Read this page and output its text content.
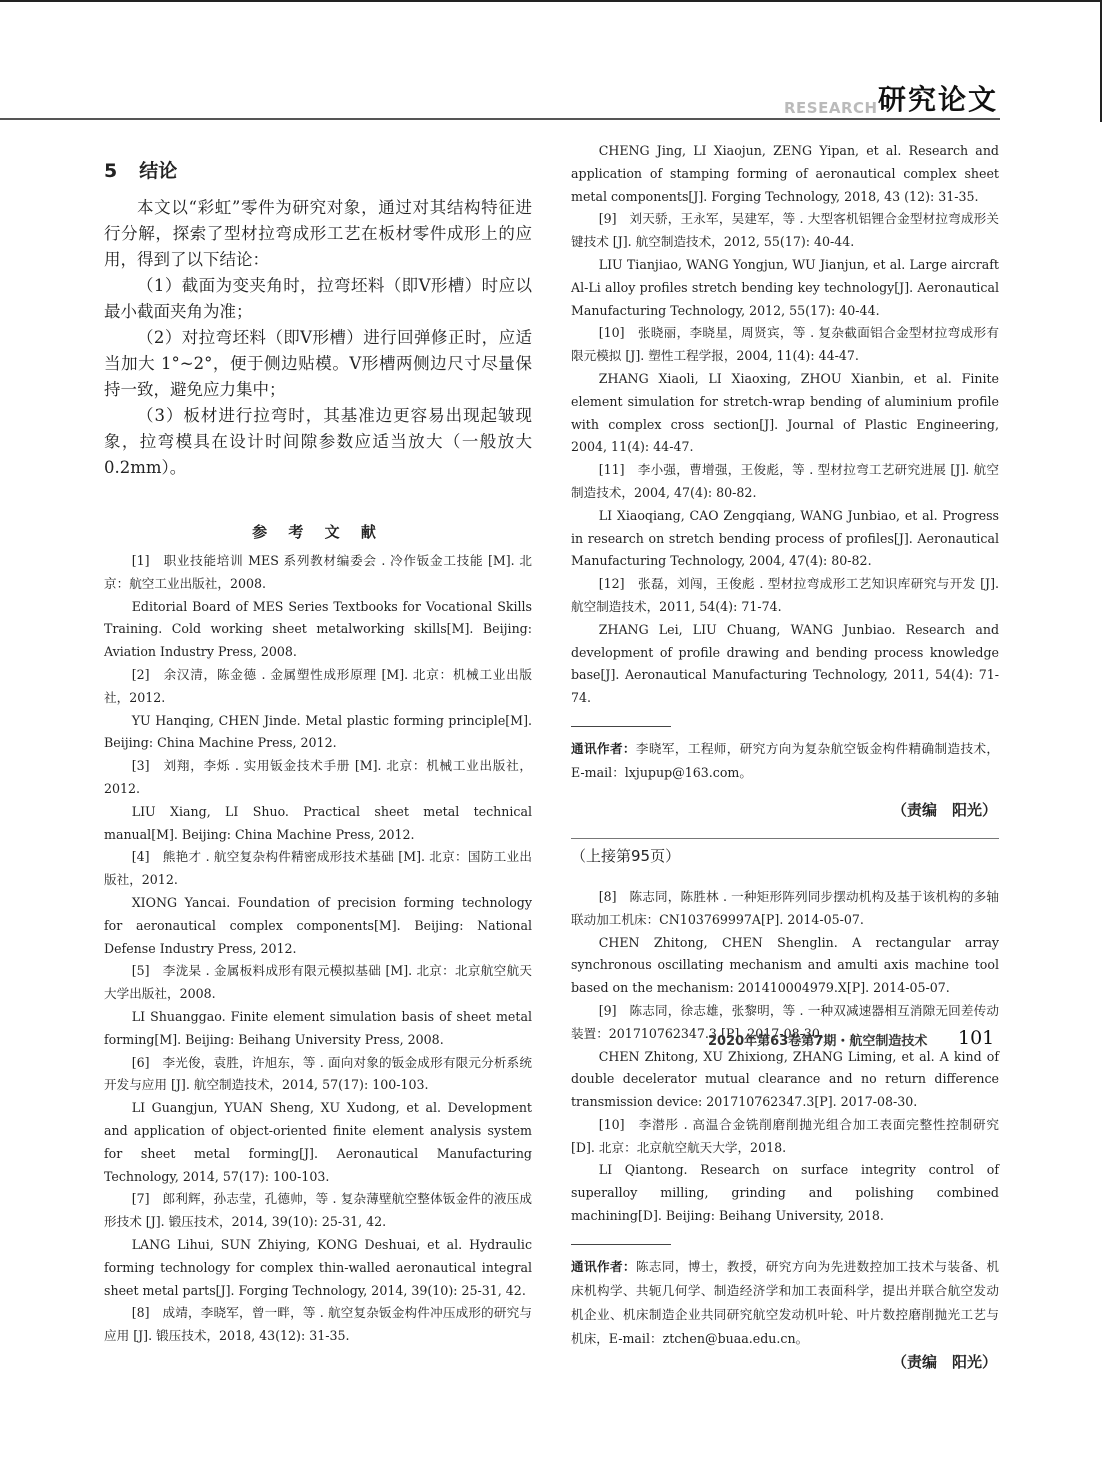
RESEARCH 研究论文
5 结论

本文以“彩虹”零件为研究对象，通过对其结构特征进行分解，探索了型材拉弯成形工艺在板材零件成形上的应用，得到了以下结论：

（1）截面为变夹角时，拉弯坯料（即V形槽）时应以最小截面夹角为准；

（2）对拉弯坯料（即V形槽）进行回弹修正时，应适当加大 1°~2°，便于侧边贴模。V形槽两侧边尺寸尽量保持一致，避免应力集中；

（3）板材进行拉弯时，其基准边更容易出现起皱现象，拉弯模具在设计时间隙参数应适当放大（一般放大 0.2mm）。

参 考 文 献

[1]　职业技能培训 MES 系列教材编委会 . 冷作钣金工技能 [M]. 北京：航空工业出版社，2008.

Editorial Board of MES Series Textbooks for Vocational Skills Training. Cold working sheet metalworking skills[M]. Beijing: Aviation Industry Press, 2008.

[2]　余汉清，陈金德 . 金属塑性成形原理 [M]. 北京：机械工业出版社，2012.

YU Hanqing, CHEN Jinde. Metal plastic forming principle[M]. Beijing: China Machine Press, 2012.

[3]　刘翔，李烁 . 实用钣金技术手册 [M]. 北京：机械工业出版社，2012.

LIU Xiang, LI Shuo. Practical sheet metal technical manual[M]. Beijing: China Machine Press, 2012.

[4]　熊艳才 . 航空复杂构件精密成形技术基础 [M]. 北京：国防工业出版社，2012.

XIONG Yancai. Foundation of precision forming technology for aeronautical complex components[M]. Beijing: National Defense Industry Press, 2012.

[5]　李泷杲 . 金属板料成形有限元模拟基础 [M]. 北京：北京航空航天大学出版社，2008.

LI Shuanggao. Finite element simulation basis of sheet metal forming[M]. Beijing: Beihang University Press, 2008.

[6]　李光俊，袁胜，许旭东，等 . 面向对象的钣金成形有限元分析系统开发与应用 [J]. 航空制造技术，2014, 57(17): 100-103.

LI Guangjun, YUAN Sheng, XU Xudong, et al. Development and application of object-oriented finite element analysis system for sheet metal forming[J]. Aeronautical Manufacturing Technology, 2014, 57(17): 100-103.

[7]　郎利辉，孙志莹，孔德帅，等 . 复杂薄壁航空整体钣金件的液压成形技术 [J]. 锻压技术，2014, 39(10): 25-31, 42.

LANG Lihui, SUN Zhiying, KONG Deshuai, et al. Hydraulic forming technology for complex thin-walled aeronautical integral sheet metal parts[J]. Forging Technology, 2014, 39(10): 25-31, 42.

[8]　成靖，李晓军，曾一畔，等 . 航空复杂钣金构件冲压成形的研究与应用 [J]. 锻压技术，2018, 43(12): 31-35.

CHENG Jing, LI Xiaojun, ZENG Yipan, et al. Research and application of stamping forming of aeronautical complex sheet metal components[J]. Forging Technology, 2018, 43 (12): 31-35.

[9]　刘天骄，王永军，吴建军，等 . 大型客机铝锂合金型材拉弯成形关键技术 [J]. 航空制造技术，2012, 55(17): 40-44.

LIU Tianjiao, WANG Yongjun, WU Jianjun, et al. Large aircraft Al-Li alloy profiles stretch bending key technology[J]. Aeronautical Manufacturing Technology, 2012, 55(17): 40-44.

[10]　张晓丽，李晓星，周贤宾，等 . 复杂截面铝合金型材拉弯成形有限元模拟 [J]. 塑性工程学报，2004, 11(4): 44-47.

ZHANG Xiaoli, LI Xiaoxing, ZHOU Xianbin, et al. Finite element simulation for stretch-wrap bending of aluminium profile with complex cross section[J]. Journal of Plastic Engineering, 2004, 11(4): 44-47.

[11]　李小强，曹增强，王俊彪，等 . 型材拉弯工艺研究进展 [J]. 航空制造技术，2004, 47(4): 80-82.

LI Xiaoqiang, CAO Zengqiang, WANG Junbiao, et al. Progress in research on stretch bending process of profiles[J]. Aeronautical Manufacturing Technology, 2004, 47(4): 80-82.

[12]　张磊，刘闯，王俊彪 . 型材拉弯成形工艺知识库研究与开发 [J]. 航空制造技术，2011, 54(4): 71-74.

ZHANG Lei, LIU Chuang, WANG Junbiao. Research and development of profile drawing and bending process knowledge base[J]. Aeronautical Manufacturing Technology, 2011, 54(4): 71-74.

通讯作者：李晓军，工程师，研究方向为复杂航空钣金构件精确制造技术，E-mail：lxjupup@163.com。

（责编　阳光）
（上接第95页）

[8]　陈志同，陈胜林 . 一种矩形阵列同步摆动机构及基于该机构的多轴联动加工机床：CN103769997A[P]. 2014-05-07.

CHEN Zhitong, CHEN Shenglin. A rectangular array synchronous oscillating mechanism and amulti axis machine tool based on the mechanism: 201410004979.X[P]. 2014-05-07.

[9]　陈志同，徐志雄，张黎明，等 . 一种双减速器相互消隙无回差传动装置：201710762347.3 [P]. 2017-08-30.

CHEN Zhitong, XU Zhixiong, ZHANG Liming, et al. A kind of double decelerator mutual clearance and no return difference transmission device: 201710762347.3[P]. 2017-08-30.

[10]　李潜彤 . 高温合金铣削磨削抛光组合加工表面完整性控制研究 [D]. 北京：北京航空航天大学，2018.

LI Qiantong. Research on surface integrity control of superalloy milling, grinding and polishing combined machining[D]. Beijing: Beihang University, 2018.

通讯作者：陈志同，博士，教授，研究方向为先进数控加工技术与装备、机床机构学、共轭几何学、制造经济学和加工表面科学，提出并联合航空发动机企业、机床制造企业共同研究航空发动机叶轮、叶片数控磨削抛光工艺与机床，E-mail：ztchen@buaa.edu.cn。

（责编　阳光）
2020年第63卷第7期・航空制造技术 101
